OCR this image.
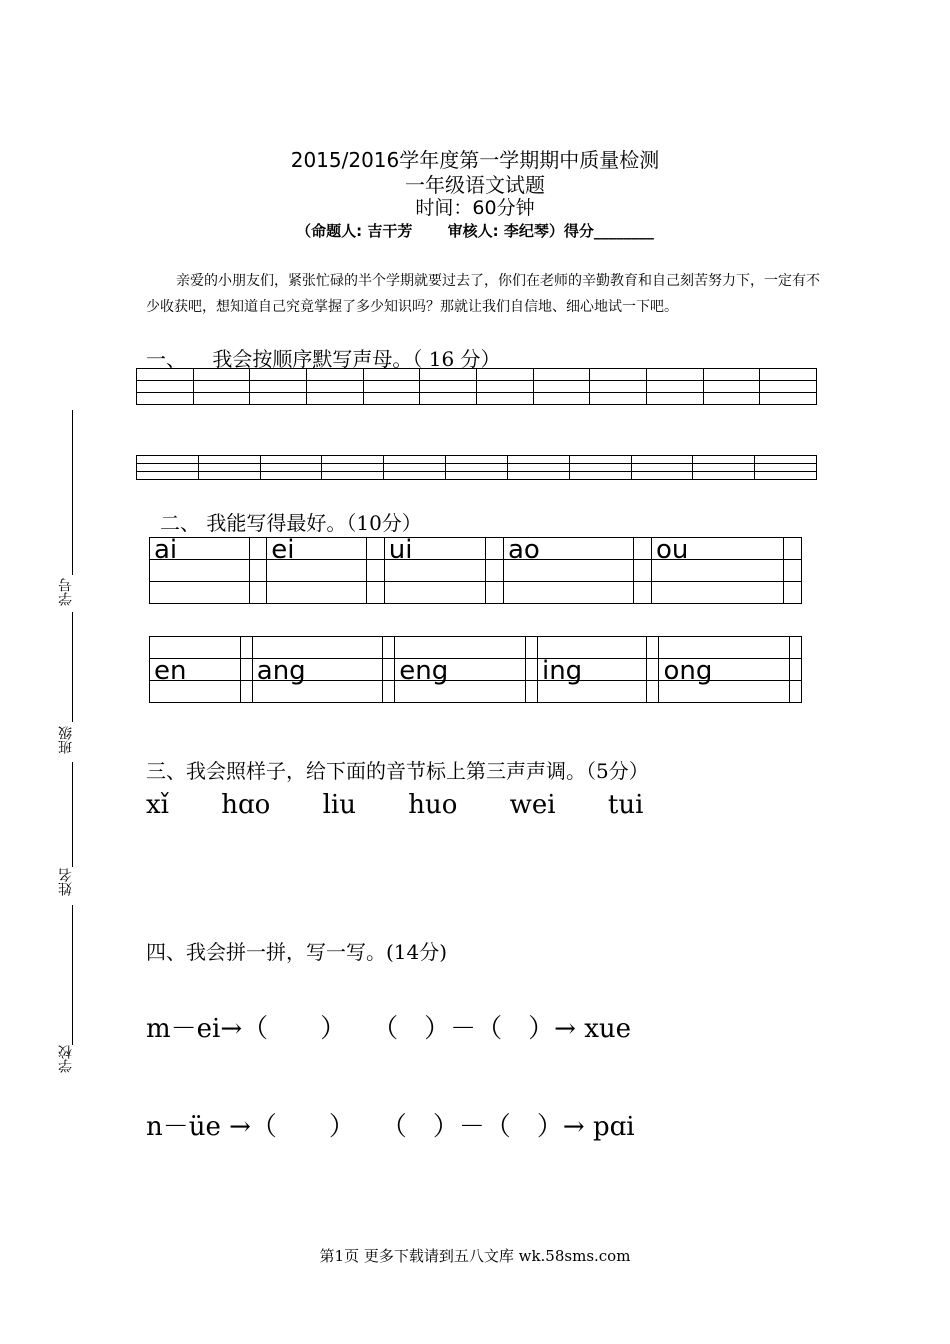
2015/2016学年度第一学期期中质量检测
一年级语文试题
时间：60分钟
（命题人: 吉干芳 　　审核人: 李纪琴）得分________
亲爱的小朋友们，紧张忙碌的半个学期就要过去了，你们在老师的辛勤教育和自己刻苦努力下，一定有不少收获吧，想知道自己究竟掌握了多少知识吗？那就让我们自信地、细心地试一下吧。
一、 　我会按顺序默写声母。（ 16 分）

二、 我能写得最好。（10分）
ai		ei		ui		ao		ou	

en		ang		eng		ing		ong	

三、我会照样子，给下面的音节标上第三声声调。（5分）
xǐ hɑo liu huo wei tui
四、我会拼一拼，写一写。(14分)
m－ei→（　　）　　（　）－（　）→ xue
n－üe →（　　）　　（　）－（　）→ pɑi
学号
班级
姓名
学校
第1页 更多下载请到五八文库 wk.58sms.com
